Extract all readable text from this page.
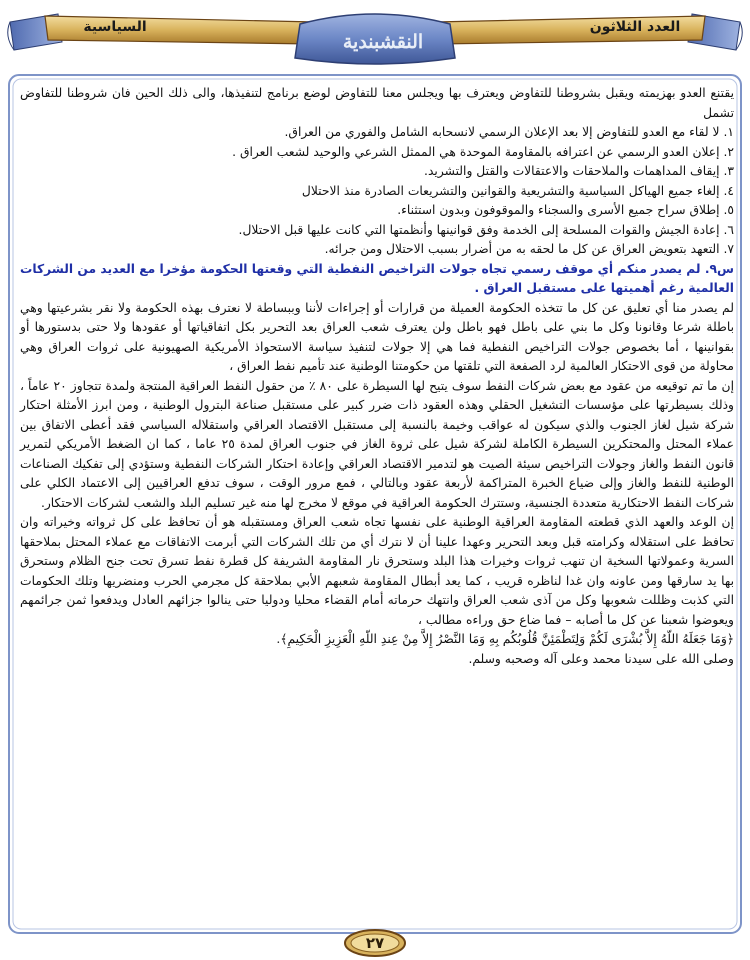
العدد الثلاثون
السياسية
النقشبندية

يقتنع العدو بهزيمته ويقبل بشروطنا للتفاوض ويعترف بها ويجلس معنا للتفاوض لوضع برنامج لتنفيذها، والى ذلك الحين فان شروطنا للتفاوض تشمل

١. لا لقاء مع العدو للتفاوض إلا بعد الإعلان الرسمي لانسحابه الشامل والفوري من العراق.
٢. إعلان العدو الرسمي عن اعترافه بالمقاومة الموحدة هي الممثل الشرعي والوحيد لشعب العراق .
٣. إيقاف المداهمات والملاحقات والاعتقالات والقتل والتشريد.
٤. إلغاء جميع الهياكل السياسية والتشريعية والقوانين والتشريعات الصادرة منذ الاحتلال
٥. إطلاق سراح جميع الأسرى والسجناء والموقوفون وبدون استثناء.
٦. إعادة الجيش والقوات المسلحة إلى الخدمة وفق قوانينها وأنظمتها التي كانت عليها قبل الاحتلال.
٧. التعهد بتعويض العراق عن كل ما لحقه به من أضرار بسبب الاحتلال ومن جرائه.

س٩. لم يصدر منكم أي موقف رسمي تجاه جولات التراخيص النفطية التي وقعتها الحكومة مؤخرا مع العديد من الشركات العالمية رغم أهميتها على مستقبل العراق .

لم يصدر منا أي تعليق عن كل ما تتخذه الحكومة العميلة من قرارات أو إجراءات لأننا وببساطة لا نعترف بهذه الحكومة ولا نقر بشرعيتها وهي باطلة شرعا وقانونا وكل ما بني على باطل فهو باطل ولن يعترف شعب العراق بعد التحرير بكل اتفاقياتها أو عقودها ولا حتى بدستورها أو بقوانينها ، أما بخصوص جولات التراخيص النفطية فما هي إلا جولات لتنفيذ سياسة الاستحواذ الأمريكية الصهيونية على ثروات العراق وهي محاولة من قوى الاحتكار العالمية لرد الصفعة التي تلقتها من حكومتنا الوطنية عند تأميم نفط العراق ،

إن ما تم توقيعه من عقود مع بعض شركات النفط سوف يتيح لها السيطرة على ٨٠ ٪ من حقول النفط العراقية المنتجة ولمدة تتجاوز ٢٠ عاماً ، وذلك بسيطرتها على مؤسسات التشغيل الحقلي وهذه العقود ذات ضرر كبير على مستقبل صناعة البترول الوطنية ، ومن ابرز الأمثلة احتكار شركة شيل لغاز الجنوب والذي سيكون له عواقب وخيمة بالنسبة إلى مستقبل الاقتصاد العراقي واستقلاله السياسي فقد أعطى الاتفاق بين عملاء المحتل والمحتكرين السيطرة الكاملة لشركة شيل على ثروة الغاز في جنوب العراق لمدة ٢٥ عاما ، كما ان الضغط الأمريكي لتمرير قانون النفط والغاز وجولات التراخيص سيئة الصيت هو لتدمير الاقتصاد العراقي وإعادة احتكار الشركات النفطية وستؤدي إلى تفكيك الصناعات الوطنية للنفط والغاز وإلى ضياع الخبرة المتراكمة لأربعة عقود وبالتالي ، فمع مرور الوقت ، سوف تدفع العراقيين إلى الاعتماد الكلي على شركات النفط الاحتكارية متعددة الجنسية، وستترك الحكومة العراقية في موقع لا مخرج لها منه غير تسليم البلد والشعب لشركات الاحتكار.

إن الوعد والعهد الذي قطعته المقاومة العراقية الوطنية على نفسها تجاه شعب العراق ومستقبله هو أن تحافظ على كل ثرواته وخيراته وان تحافظ على استقلاله وكرامته قبل وبعد التحرير وعهدا علينا أن لا نترك أي من تلك الشركات التي أبرمت الاتفاقات مع عملاء المحتل بملاحقها السرية وعمولاتها السخية ان تنهب ثروات وخيرات هذا البلد وستحرق نار المقاومة الشريفة كل قطرة نفط تسرق تحت جنح الظلام وستحرق بها يد سارقها ومن عاونه وان غدا لناظره قريب ، كما يعد أبطال المقاومة شعبهم الأبي بملاحقة كل مجرمي الحرب ومنضريها وتلك الحكومات التي كذبت وظللت شعوبها وكل من آذى شعب العراق وانتهك حرماته أمام القضاء محليا ودوليا حتى ينالوا جزائهم العادل ويدفعوا ثمن جرائمهم ويعوضوا شعبنا عن كل ما أصابه – فما ضاع حق وراءه مطالب ،

﴿وَمَا جَعَلَهُ اللّهُ إِلاَّ بُشْرَى لَكُمْ وَلِتَطْمَئِنَّ قُلُوبُكُم بِهِ وَمَا النَّصْرُ إِلاَّ مِنْ عِندِ اللّهِ الْعَزِيزِ الْحَكِيمِ﴾.

وصلى الله على سيدنا محمد وعلى آله وصحبه وسلم.

٢٧
